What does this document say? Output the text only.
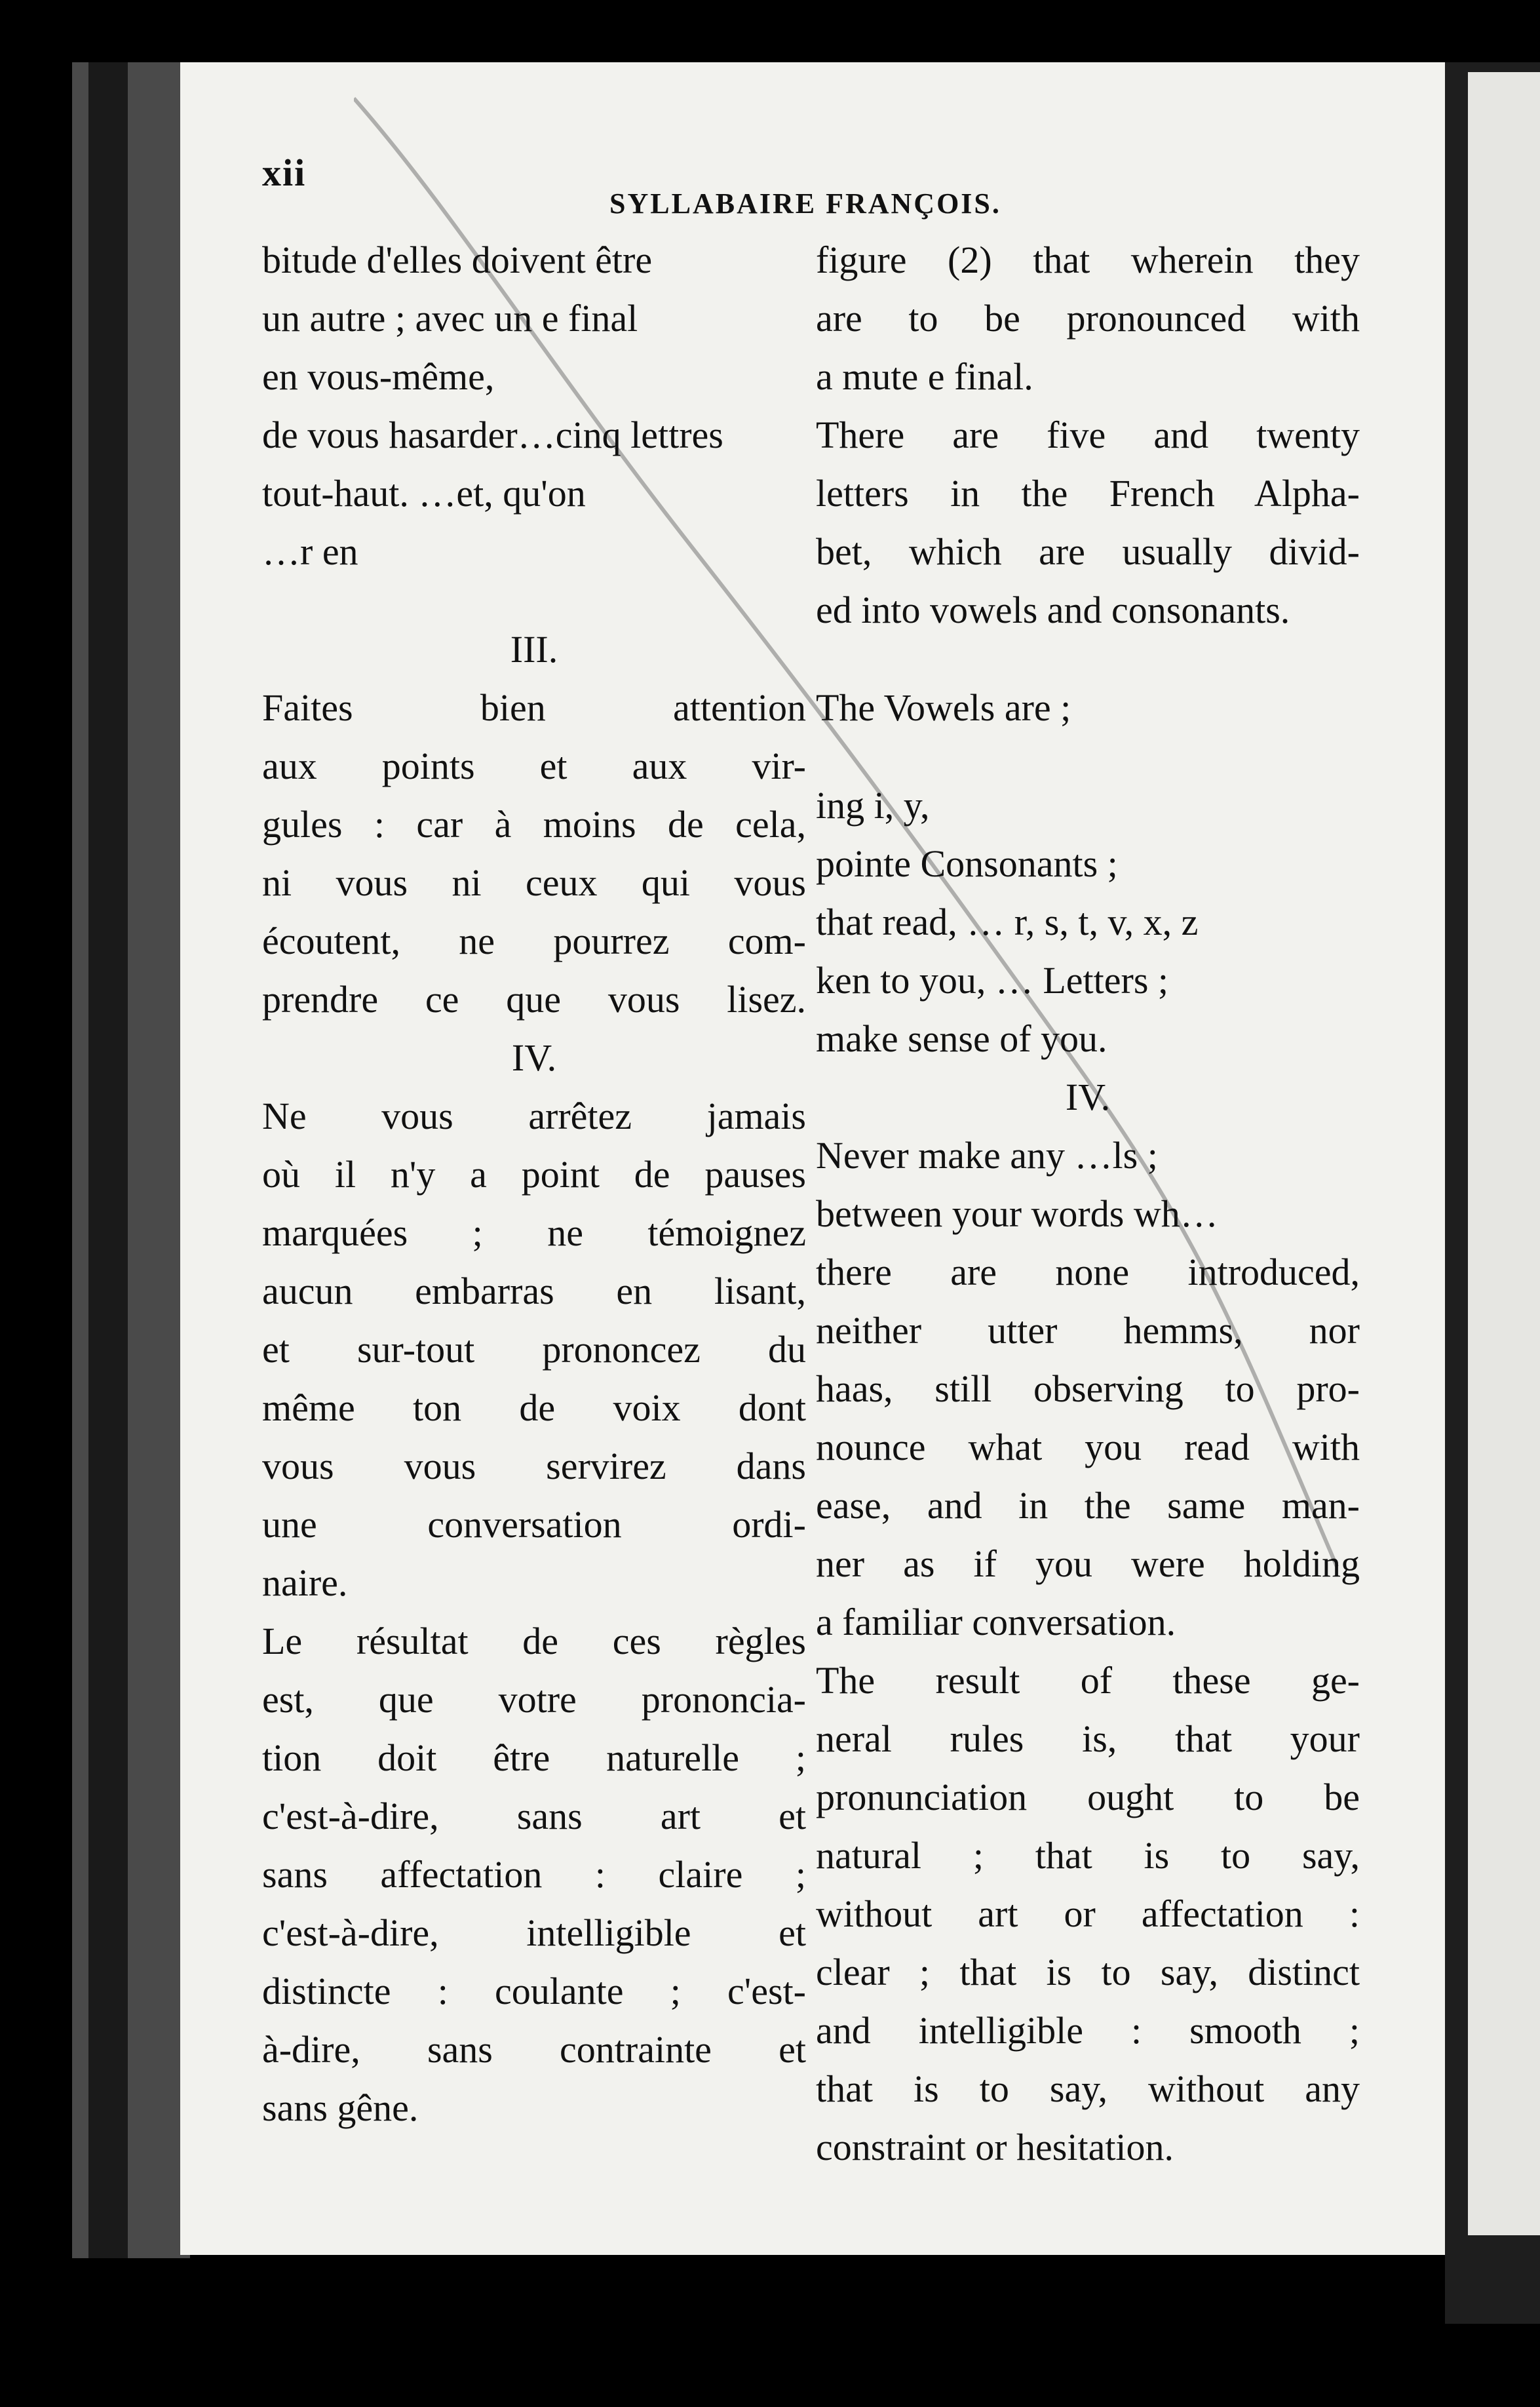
xii
SYLLABAIRE FRANÇOIS.
bitude d'elles doivent être
un autre ; avec un e final
en vous-même,
de vous hasarder…cinq lettres
tout-haut. …et, qu'on
…r en
III.
Faites bien attention
aux points et aux vir-
gules : car à moins de cela,
ni vous ni ceux qui vous
écoutent, ne pourrez com-
prendre ce que vous lisez.
IV.
Ne vous arrêtez jamais
où il n'y a point de pauses
marquées ; ne témoignez
aucun embarras en lisant,
et sur-tout prononcez du
même ton de voix dont
vous vous servirez dans
une conversation ordi-
naire.
Le résultat de ces règles
est, que votre prononcia-
tion doit être naturelle ;
c'est-à-dire, sans art et
sans affectation : claire ;
c'est-à-dire, intelligible et
distincte : coulante ; c'est-
à-dire, sans contrainte et
sans gêne.
figure (2) that wherein they
are to be pronounced with
a mute e final.
There are five and twenty
letters in the French Alpha-
bet, which are usually divid-
ed into vowels and consonants.
The Vowels are ;
ing i, y,
pointe Consonants ;
that read, … r, s, t, v, x, z
ken to you, … Letters ;
make sense of you.
IV.
Never make any …ls ;
between your words wh…
there are none introduced,
neither utter hemms, nor
haas, still observing to pro-
nounce what you read with
ease, and in the same man-
ner as if you were holding
a familiar conversation.
The result of these ge-
neral rules is, that your
pronunciation ought to be
natural ; that is to say,
without art or affectation :
clear ; that is to say, distinct
and intelligible : smooth ;
that is to say, without any
constraint or hesitation.
